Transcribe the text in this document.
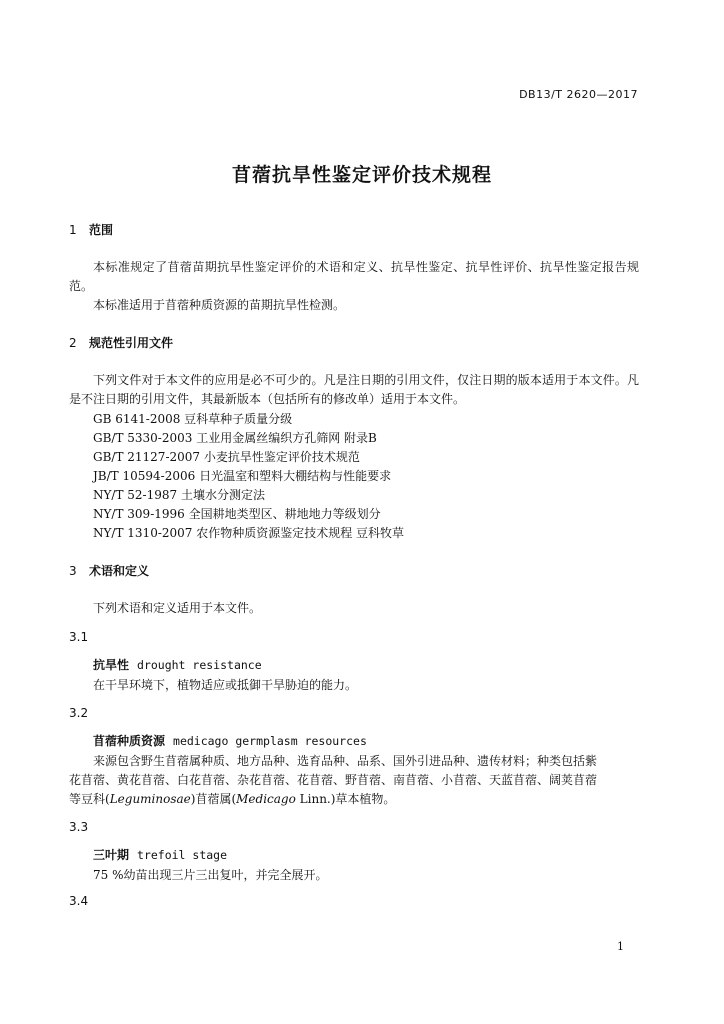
DB13/T 2620—2017
苜蓿抗旱性鉴定评价技术规程
1 范围
本标准规定了苜蓿苗期抗旱性鉴定评价的术语和定义、抗旱性鉴定、抗旱性评价、抗旱性鉴定报告规范。
本标准适用于苜蓿种质资源的苗期抗旱性检测。
2 规范性引用文件
下列文件对于本文件的应用是必不可少的。凡是注日期的引用文件，仅注日期的版本适用于本文件。凡是不注日期的引用文件，其最新版本（包括所有的修改单）适用于本文件。
GB 6141-2008 豆科草种子质量分级
GB/T 5330-2003 工业用金属丝编织方孔筛网 附录B
GB/T 21127-2007 小麦抗旱性鉴定评价技术规范
JB/T 10594-2006 日光温室和塑料大棚结构与性能要求
NY/T 52-1987 土壤水分测定法
NY/T 309-1996 全国耕地类型区、耕地地力等级划分
NY/T 1310-2007 农作物种质资源鉴定技术规程 豆科牧草
3 术语和定义
下列术语和定义适用于本文件。
3.1
抗旱性 drought resistance
在干旱环境下，植物适应或抵御干旱胁迫的能力。
3.2
苜蓿种质资源 medicago germplasm resources
来源包含野生苜蓿属种质、地方品种、选育品种、品系、国外引进品种、遗传材料；种类包括紫
花苜蓿、黄花苜蓿、白花苜蓿、杂花苜蓿、花苜蓿、野苜蓿、南苜蓿、小苜蓿、天蓝苜蓿、阔荚苜蓿
等豆科(Leguminosae)苜蓿属(Medicago Linn.)草本植物。
3.3
三叶期 trefoil stage
75 %幼苗出现三片三出复叶，并完全展开。
3.4
1
